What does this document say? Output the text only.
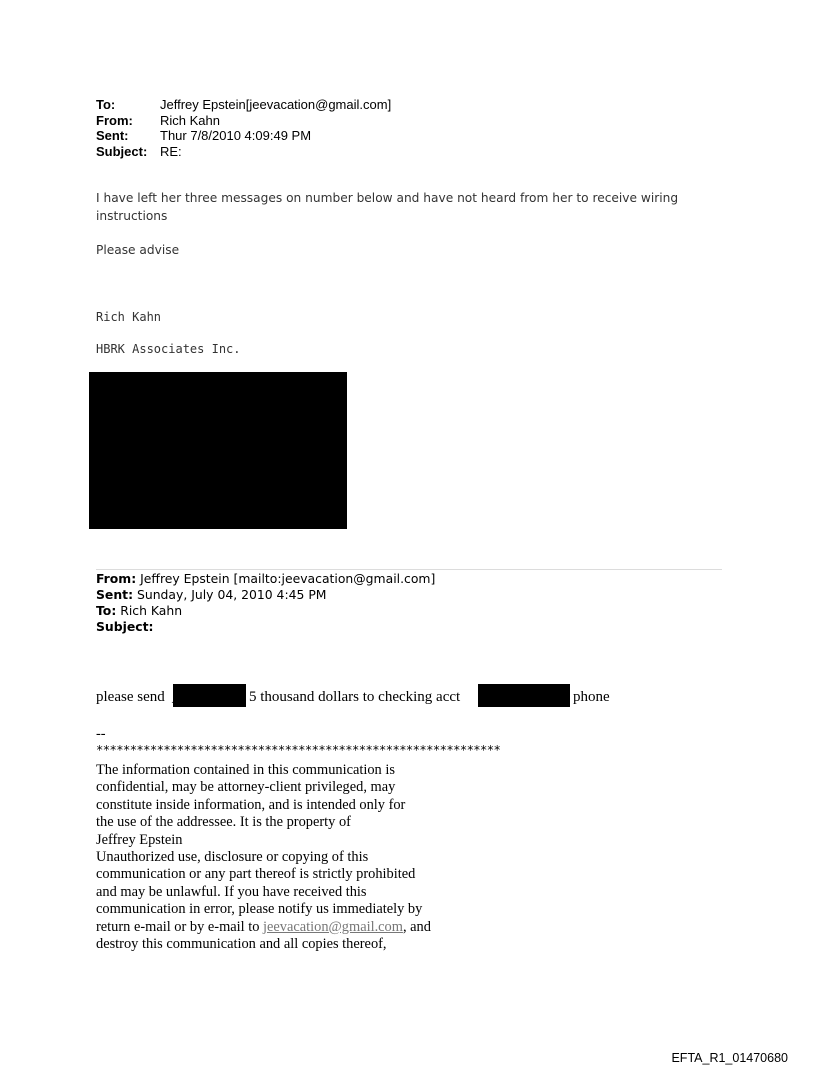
To:	Jeffrey Epstein[jeevacation@gmail.com]
From:	Rich Kahn
Sent:	Thur 7/8/2010 4:09:49 PM
Subject: RE:
I have left her three messages on number below and have not heard from her to receive wiring
instructions
Please advise
Rich Kahn
HBRK Associates Inc.
From: Jeffrey Epstein [mailto:jeevacation@gmail.com]
Sent: Sunday, July 04, 2010 4:45 PM
To: Rich Kahn
Subject:
please send	5 thousand dollars to checking acct	phone
--
************************************************************
The information contained in this communication is
confidential, may be attorney-client privileged, may
constitute inside information, and is intended only for
the use of the addressee. It is the property of
Jeffrey Epstein
Unauthorized use, disclosure or copying of this
communication or any part thereof is strictly prohibited
and may be unlawful. If you have received this
communication in error, please notify us immediately by
return e-mail or by e-mail to jeevacation@gmail.com, and
destroy this communication and all copies thereof,
EFTA_R1_01470680
